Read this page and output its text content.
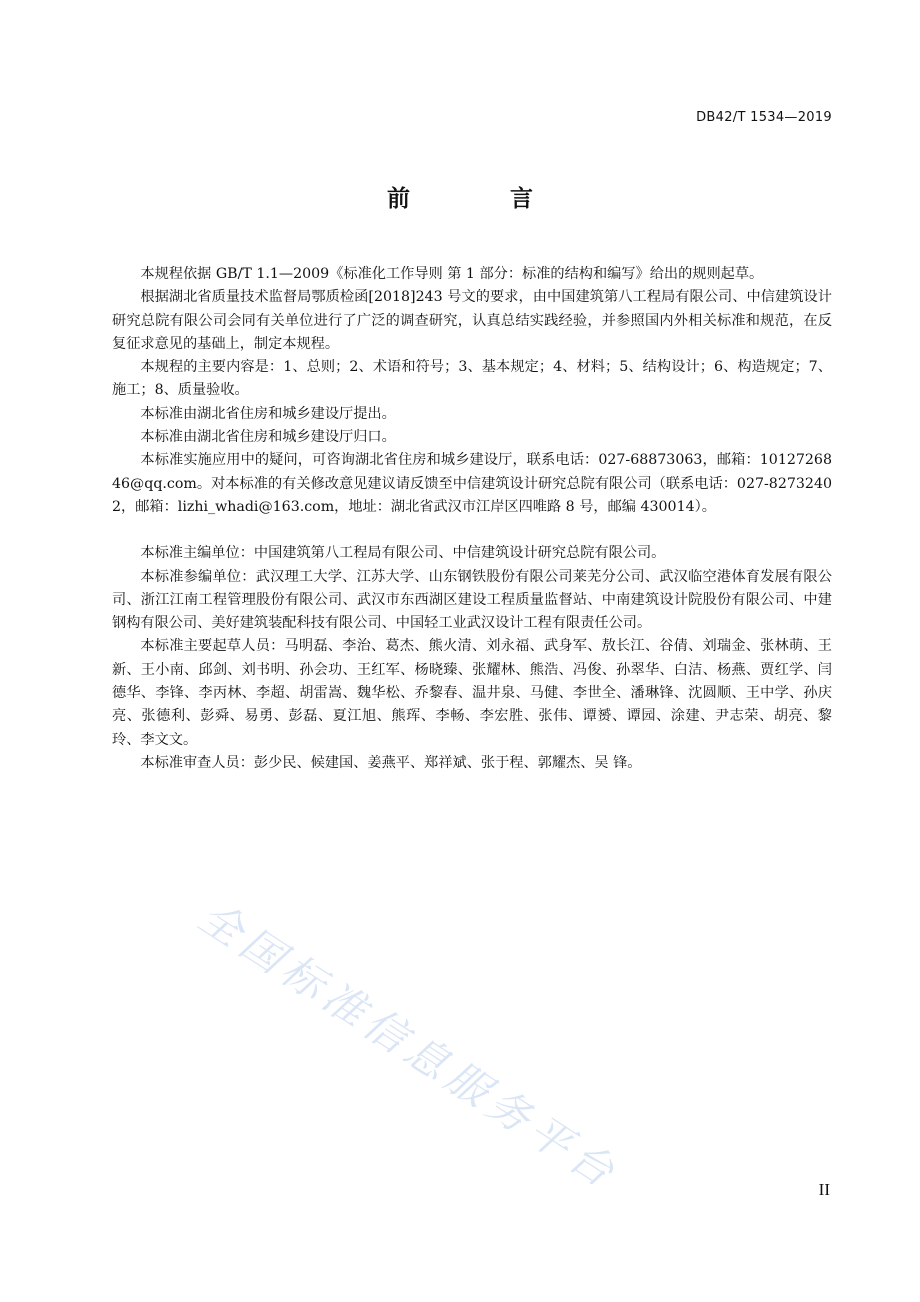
DB42/T 1534—2019
前 言

本规程依据 GB/T 1.1—2009《标准化工作导则 第 1 部分：标准的结构和编写》给出的规则起草。

根据湖北省质量技术监督局鄂质检函[2018]243 号文的要求，由中国建筑第八工程局有限公司、中信建筑设计研究总院有限公司会同有关单位进行了广泛的调查研究，认真总结实践经验，并参照国内外相关标准和规范，在反复征求意见的基础上，制定本规程。

本规程的主要内容是：1、总则；2、术语和符号；3、基本规定；4、材料；5、结构设计；6、构造规定；7、施工；8、质量验收。

本标准由湖北省住房和城乡建设厅提出。

本标准由湖北省住房和城乡建设厅归口。

本标准实施应用中的疑问，可咨询湖北省住房和城乡建设厅，联系电话：027-68873063，邮箱：1012726846@qq.com。对本标准的有关修改意见建议请反馈至中信建筑设计研究总院有限公司（联系电话：027-82732402，邮箱：lizhi_whadi@163.com，地址：湖北省武汉市江岸区四唯路 8 号，邮编 430014）。

本标准主编单位：中国建筑第八工程局有限公司、中信建筑设计研究总院有限公司。

本标准参编单位：武汉理工大学、江苏大学、山东钢铁股份有限公司莱芜分公司、武汉临空港体育发展有限公司、浙江江南工程管理股份有限公司、武汉市东西湖区建设工程质量监督站、中南建筑设计院股份有限公司、中建钢构有限公司、美好建筑装配科技有限公司、中国轻工业武汉设计工程有限责任公司。

本标准主要起草人员：马明磊、李治、葛杰、熊火清、刘永福、武身军、敖长江、谷倩、刘瑞金、张林萌、王新、王小南、邱剑、刘书明、孙会功、王红军、杨晓臻、张耀林、熊浩、冯俊、孙翠华、白洁、杨燕、贾红学、闫德华、李锋、李丙林、李超、胡雷嵩、魏华松、乔黎春、温井泉、马健、李世全、潘琳锋、沈圆顺、王中学、孙庆亮、张德利、彭舜、易勇、彭磊、夏江旭、熊珲、李畅、李宏胜、张伟、谭赟、谭园、涂建、尹志荣、胡亮、黎玲、李文文。

本标准审查人员：彭少民、候建国、姜燕平、郑祥斌、张于程、郭耀杰、吴 锋。

全国标准信息服务平台	II
